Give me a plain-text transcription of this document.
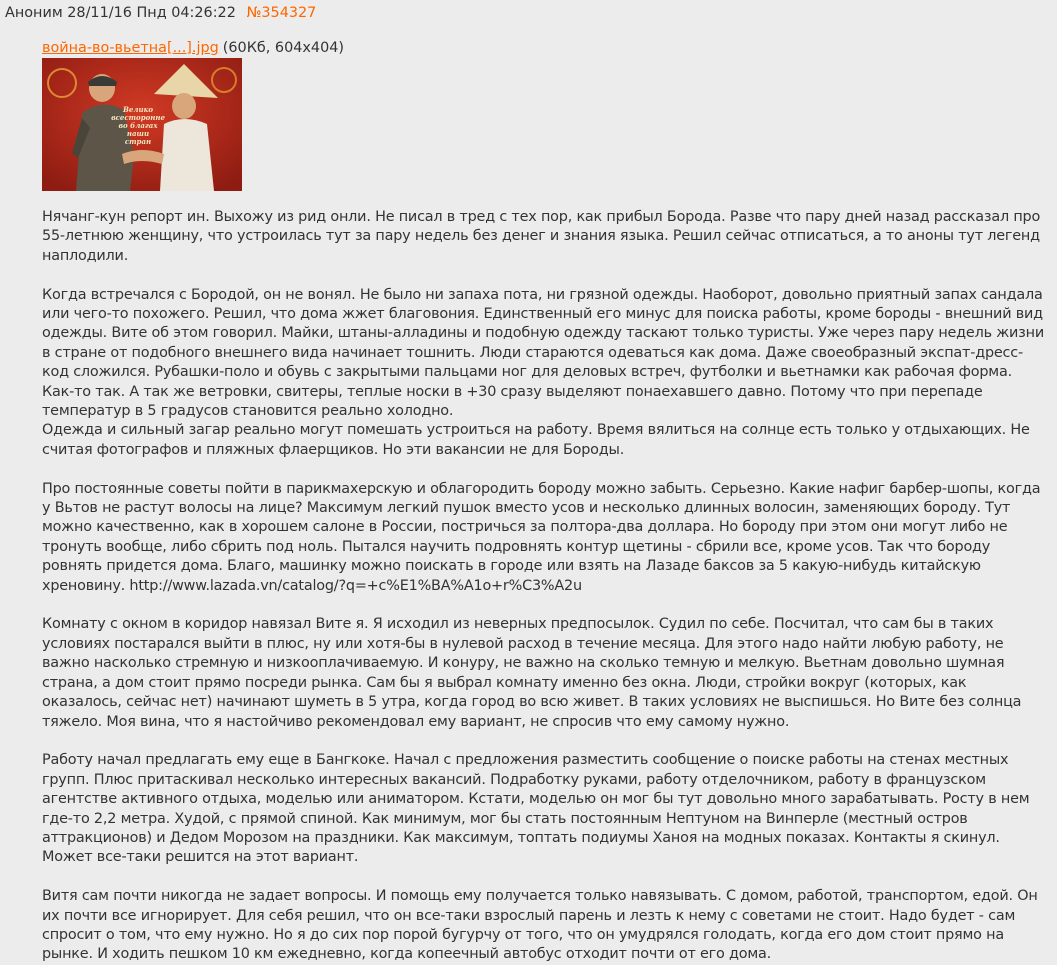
Аноним 28/11/16 Пнд 04:26:22 №354327
война-во-вьетна[...].jpg (60Кб, 604x404)
Велико
всесторонне
во благах
наши
стран

Нячанг-кун репорт ин. Выхожу из рид онли. Не писал в тред с тех пор, как прибыл Борода. Разве что пару дней назад рассказал про 55-летнюю женщину, что устроилась тут за пару недель без денег и знания языка. Решил сейчас отписаться, а то аноны тут легенд наплодили.

Когда встречался с Бородой, он не вонял. Не было ни запаха пота, ни грязной одежды. Наоборот, довольно приятный запах сандала или чего-то похожего. Решил, что дома жжет благовония. Единственный его минус для поиска работы, кроме бороды - внешний вид одежды. Вите об этом говорил. Майки, штаны-алладины и подобную одежду таскают только туристы. Уже через пару недель жизни в стране от подобного внешнего вида начинает тошнить. Люди стараются одеваться как дома. Даже своеобразный экспат-дресс-код сложился. Рубашки-поло и обувь с закрытыми пальцами ног для деловых встреч, футболки и вьетнамки как рабочая форма. Как-то так. А так же ветровки, свитеры, теплые носки в +30 сразу выделяют понаехавшего давно. Потому что при перепаде температур в 5 градусов становится реально холодно.
Одежда и сильный загар реально могут помешать устроиться на работу. Время вялиться на солнце есть только у отдыхающих. Не считая фотографов и пляжных флаерщиков. Но эти вакансии не для Бороды.

Про постоянные советы пойти в парикмахерскую и облагородить бороду можно забыть. Серьезно. Какие нафиг барбер-шопы, когда у Вьтов не растут волосы на лице? Максимум легкий пушок вместо усов и несколько длинных волосин, заменяющих бороду. Тут можно качественно, как в хорошем салоне в России, постричься за полтора-два доллара. Но бороду при этом они могут либо не тронуть вообще, либо сбрить под ноль. Пытался научить подровнять контур щетины - сбрили все, кроме усов. Так что бороду ровнять придется дома. Благо, машинку можно поискать в городе или взять на Лазаде баксов за 5 какую-нибудь китайскую хреновину. http://www.lazada.vn/catalog/?q=+c%E1%BA%A1o+r%C3%A2u

Комнату с окном в коридор навязал Вите я. Я исходил из неверных предпосылок. Судил по себе. Посчитал, что сам бы в таких условиях постарался выйти в плюс, ну или хотя-бы в нулевой расход в течение месяца. Для этого надо найти любую работу, не важно насколько стремную и низкооплачиваемую. И конуру, не важно на сколько темную и мелкую. Вьетнам довольно шумная страна, а дом стоит прямо посреди рынка. Сам бы я выбрал комнату именно без окна. Люди, стройки вокруг (которых, как оказалось, сейчас нет) начинают шуметь в 5 утра, когда город во всю живет. В таких условиях не выспишься. Но Вите без солнца тяжело. Моя вина, что я настойчиво рекомендовал ему вариант, не спросив что ему самому нужно.

Работу начал предлагать ему еще в Бангкоке. Начал с предложения разместить сообщение о поиске работы на стенах местных групп. Плюс притаскивал несколько интересных вакансий. Подработку руками, работу отделочником, работу в французском агентстве активного отдыха, моделью или аниматором. Кстати, моделью он мог бы тут довольно много зарабатывать. Росту в нем где-то 2,2 метра. Худой, с прямой спиной. Как минимум, мог бы стать постоянным Нептуном на Винперле (местный остров аттракционов) и Дедом Морозом на праздники. Как максимум, топтать подиумы Ханоя на модных показах. Контакты я скинул. Может все-таки решится на этот вариант.

Витя сам почти никогда не задает вопросы. И помощь ему получается только навязывать. С домом, работой, транспортом, едой. Он их почти все игнорирует. Для себя решил, что он все-таки взрослый парень и лезть к нему с советами не стоит. Надо будет - сам спросит о том, что ему нужно. Но я до сих пор порой бугурчу от того, что он умудрялся голодать, когда его дом стоит прямо на рынке. И ходить пешком 10 км ежедневно, когда копеечный автобус отходит почти от его дома.
